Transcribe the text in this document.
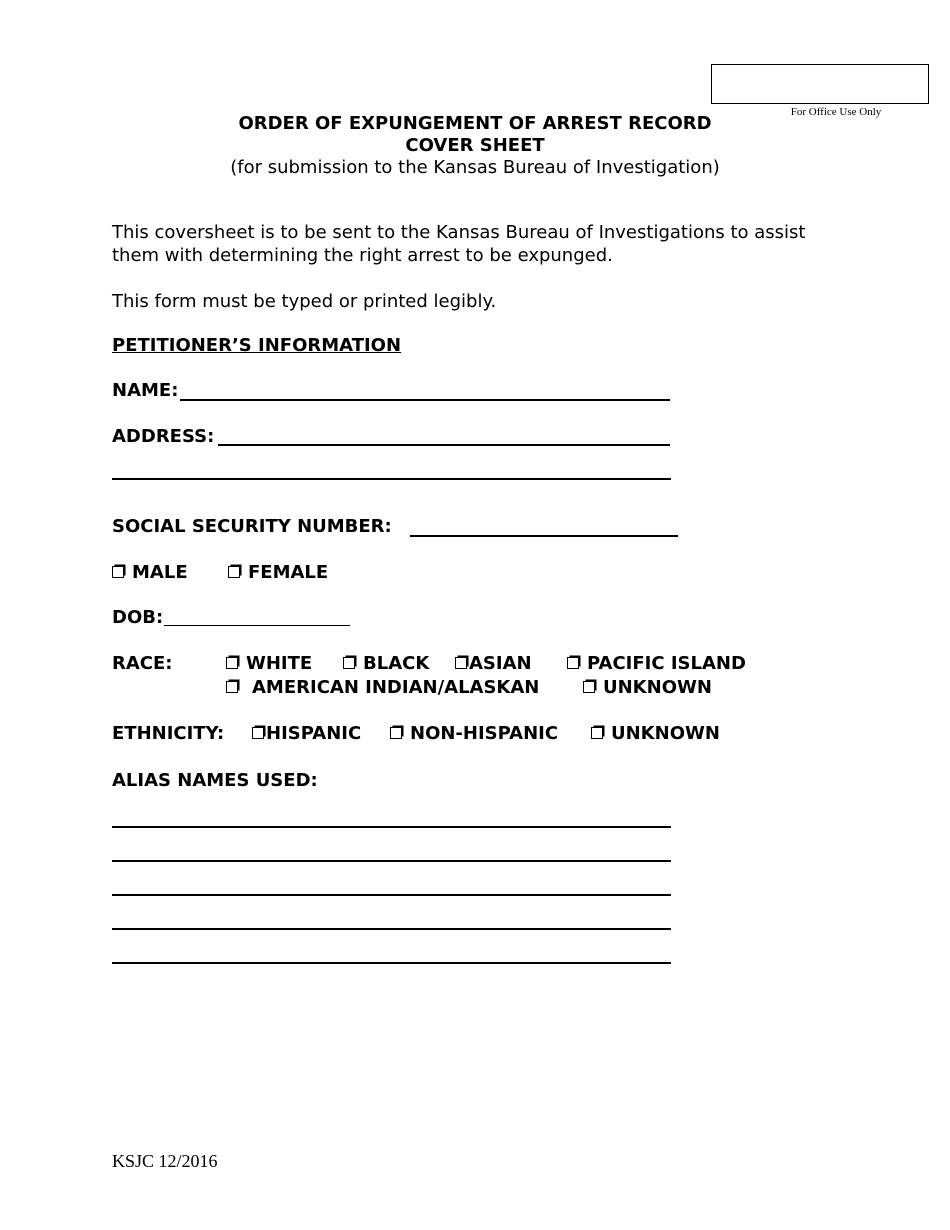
For Office Use Only
ORDER OF EXPUNGEMENT OF ARREST RECORD
COVER SHEET
(for submission to the Kansas Bureau of Investigation)
This coversheet is to be sent to the Kansas Bureau of Investigations to assist
them with determining the right arrest to be expunged.
This form must be typed or printed legibly.
PETITIONER’S INFORMATION
NAME:
ADDRESS:
SOCIAL SECURITY NUMBER:
MALE	FEMALE
DOB:
RACE:	WHITE	BLACK	ASIAN	PACIFIC ISLAND
AMERICAN INDIAN/ALASKAN	UNKNOWN
ETHNICITY:	HISPANIC	NON-HISPANIC	UNKNOWN
ALIAS NAMES USED:
KSJC 12/2016
